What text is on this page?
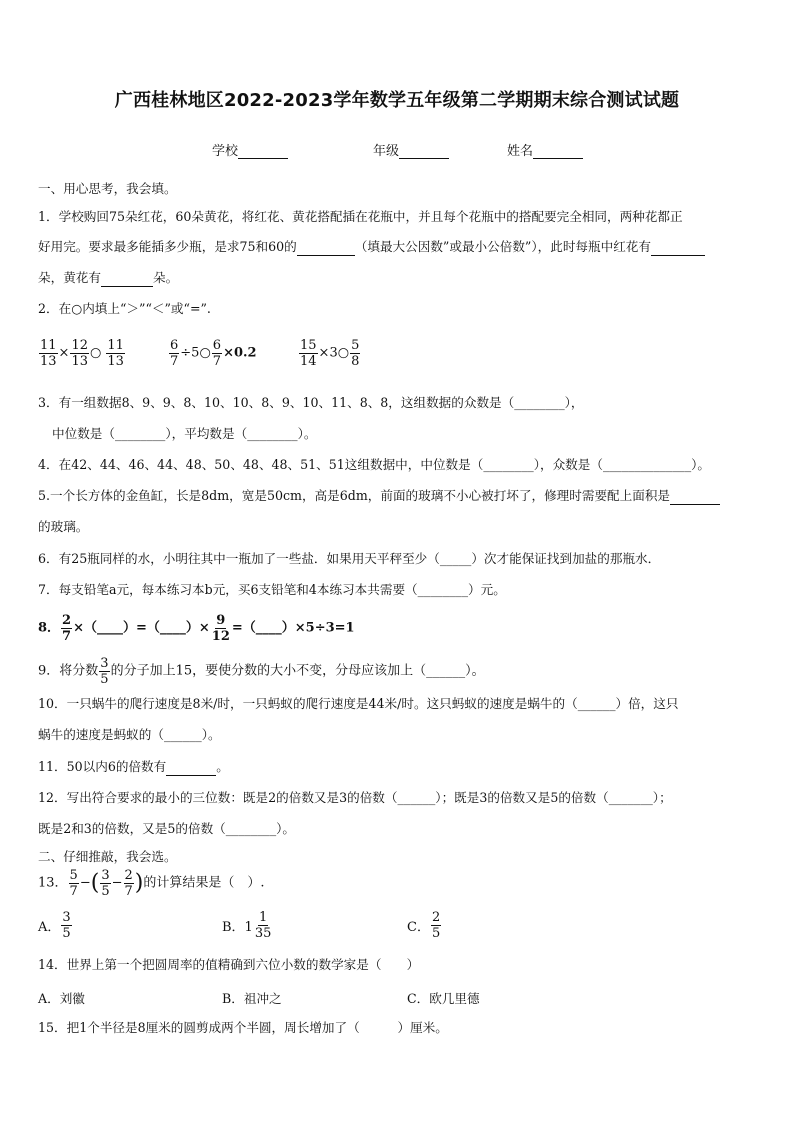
广西桂林地区2022-2023学年数学五年级第二学期期末综合测试试题
学校	年级	姓名
一、用心思考，我会填。
1．学校购回75朵红花，60朵黄花，将红花、黄花搭配插在花瓶中，并且每个花瓶中的搭配要完全相同，两种花都正
好用完。要求最多能插多少瓶，是求75和60的	（填最大公因数”或最小公倍数”），此时每瓶中红花有
朵，黄花有	朵。
2．在○内填上“＞”“＜”或“=”.
$\frac{11}{13} \times \frac{12}{13}$ ○ $\frac{11}{13}$	$\frac{6}{7}$ ÷5○ $\frac{6}{7} \times 0.2$	$\frac{15}{14}$ ×3○ $\frac{5}{8}$
3．有一组数据8、9、9、8、10、10、8、9、10、11、8、8，这组数据的众数是（________），
中位数是（________），平均数是（________）。
4．在42、44、46、44、48、50、48、48、51、51这组数据中，中位数是（________），众数是（______________）。
5.一个长方体的金鱼缸，长是8dm，宽是50cm，高是6dm，前面的玻璃不小心被打坏了，修理时需要配上面积是
的玻璃。
6．有25瓶同样的水，小明往其中一瓶加了一些盐．如果用天平秤至少（_____）次才能保证找到加盐的那瓶水．
7．每支铅笔a元，每本练习本b元，买6支铅笔和4本练习本共需要（________）元。
8． $\frac{2}{7}$ ×（____）=（____）× $\frac{9}{12}$ =（____）×5÷3=1
9．将分数 $\frac{3}{5}$ 的分子加上15，要使分数的大小不变，分母应该加上（______）。
10．一只蜗牛的爬行速度是8米/时，一只蚂蚁的爬行速度是44米/时。这只蚂蚁的速度是蜗牛的（______）倍，这只
蜗牛的速度是蚂蚁的（______）。
11．50以内6的倍数有	。
12．写出符合要求的最小的三位数：既是2的倍数又是3的倍数（______）；既是3的倍数又是5的倍数（_______）；
既是2和3的倍数，又是5的倍数（________）。
二、仔细推敲，我会选。
13． $\frac{5}{7}$ −( $\frac{3}{5} - \frac{2}{7}$ )的计算结果是（　）.
A． $\frac{3}{5}$	B．$1 \frac{1}{35}$	C． $\frac{2}{5}$
14．世界上第一个把圆周率的值精确到六位小数的数学家是（　　）
A．刘徽	B．祖冲之	C．欧几里德
15．把1个半径是8厘米的圆剪成两个半圆，周长增加了（　　　）厘米。
